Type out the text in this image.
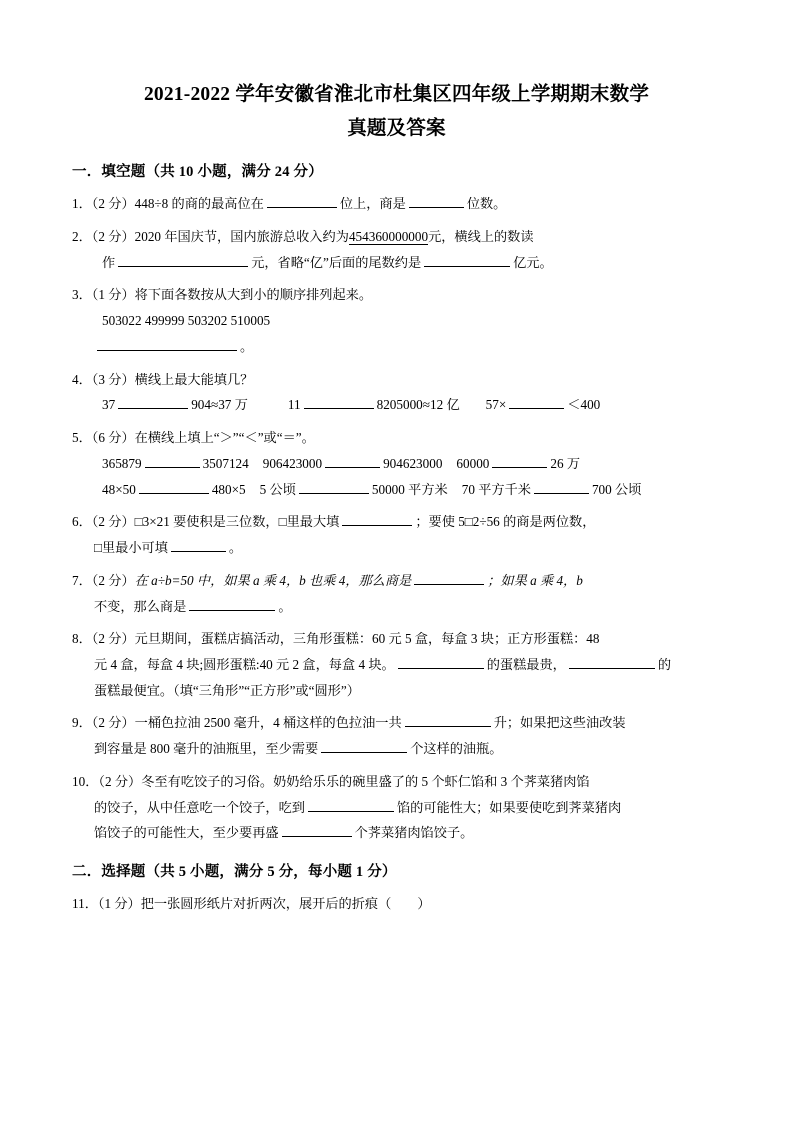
2021-2022 学年安徽省淮北市杜集区四年级上学期期末数学
真题及答案
一．填空题（共 10 小题，满分 24 分）
1．（2 分）448÷8 的商的最高位在	位上，商是	位数。
2．（2 分）2020 年国庆节，国内旅游总收入约为454360000000元，横线上的数读
作	元，省略“亿”后面的尾数约是	亿元。
3．（1 分）将下面各数按从大到小的顺序排列起来。
503022 499999 503202 510005
。
4．（3 分）横线上最大能填几？
37	904≈37 万	11	8205000≈12 亿 57×	＜400
5．（6 分）在横线上填上“＞”“＜”或“＝”。
365879	3507124 906423000	904623000 60000	26 万
48×50	480×5 5 公顷	50000 平方米 70 平方千米	700 公顷
6．（2 分）□3×21 要使积是三位数，□里最大填	；要使 5□2÷56 的商是两位数，
□里最小可填	。
7．（2 分）在 a÷b=50 中，如果 a 乘 4，b 也乘 4，那么商是	；如果 a 乘 4，b
不变，那么商是	。
8．（2 分）元旦期间，蛋糕店搞活动，三角形蛋糕：60 元 5 盒，每盒 3 块；正方形蛋糕：48
元 4 盒，每盒 4 块;圆形蛋糕:40 元 2 盒，每盒 4 块。	的蛋糕最贵，	的
蛋糕最便宜。（填“三角形”“正方形”或“圆形”）
9．（2 分）一桶色拉油 2500 毫升，4 桶这样的色拉油一共	升；如果把这些油改装
到容量是 800 毫升的油瓶里，至少需要	个这样的油瓶。
10．（2 分）冬至有吃饺子的习俗。奶奶给乐乐的碗里盛了的 5 个虾仁馅和 3 个荠菜猪肉馅
的饺子，从中任意吃一个饺子，吃到	馅的可能性大；如果要使吃到荠菜猪肉
馅饺子的可能性大，至少要再盛	个荠菜猪肉馅饺子。
二．选择题（共 5 小题，满分 5 分，每小题 1 分）
11．（1 分）把一张圆形纸片对折两次，展开后的折痕（ ）
